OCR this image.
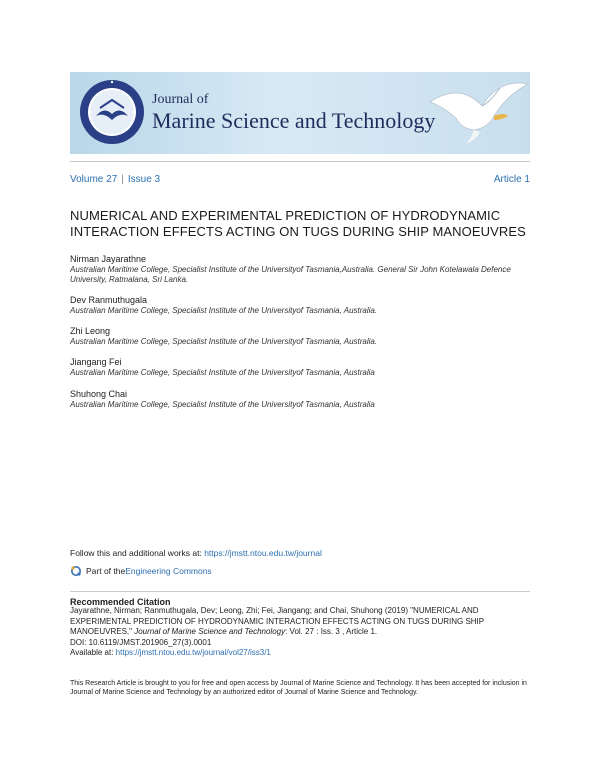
Journal of
Marine Science and Technology
Volume 27 | Issue 3	Article 1
NUMERICAL AND EXPERIMENTAL PREDICTION OF HYDRODYNAMIC INTERACTION EFFECTS ACTING ON TUGS DURING SHIP MANOEUVRES
Nirman Jayarathne
Australian Maritime College, Specialist Institute of the Universityof Tasmania,Australia. General Sir John Kotelawala Defence University, Ratmalana, Sri Lanka.
Dev Ranmuthugala
Australian Maritime College, Specialist Institute of the Universityof Tasmania, Australia.
Zhi Leong
Australian Maritime College, Specialist Institute of the Universityof Tasmania, Australia.
Jiangang Fei
Australian Maritime College, Specialist Institute of the Universityof Tasmania, Australia
Shuhong Chai
Australian Maritime College, Specialist Institute of the Universityof Tasmania, Australia
Follow this and additional works at: https://jmstt.ntou.edu.tw/journal
Part of the Engineering Commons
Recommended Citation
Jayarathne, Nirman; Ranmuthugala, Dev; Leong, Zhi; Fei, Jiangang; and Chai, Shuhong (2019) "NUMERICAL AND EXPERIMENTAL PREDICTION OF HYDRODYNAMIC INTERACTION EFFECTS ACTING ON TUGS DURING SHIP MANOEUVRES," Journal of Marine Science and Technology: Vol. 27 : Iss. 3 , Article 1.
DOI: 10.6119/JMST.201906_27(3).0001
Available at: https://jmstt.ntou.edu.tw/journal/vol27/iss3/1
This Research Article is brought to you for free and open access by Journal of Marine Science and Technology. It has been accepted for inclusion in Journal of Marine Science and Technology by an authorized editor of Journal of Marine Science and Technology.
